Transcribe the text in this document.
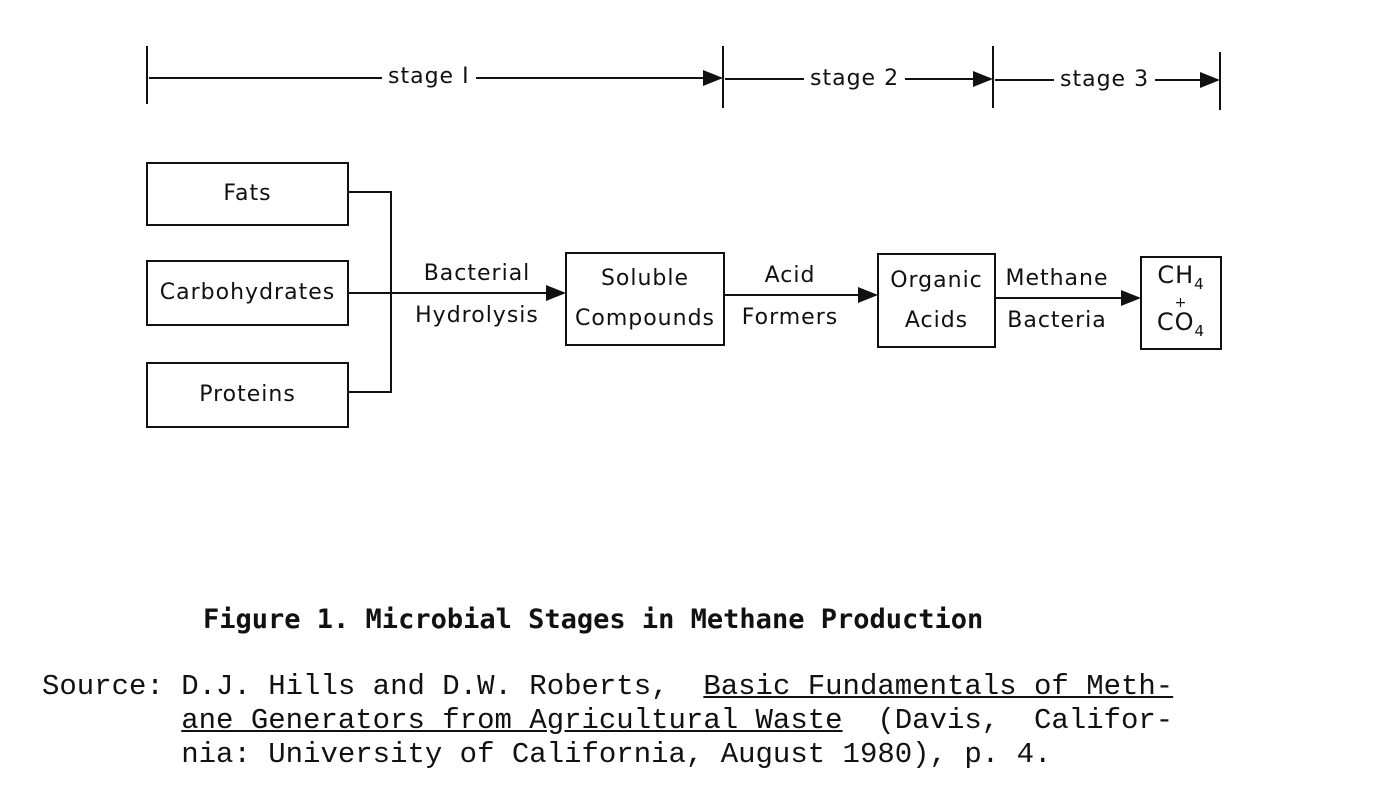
stage I	stage 2	stage 3
Fats
Carbohydrates
Proteins
Bacterial
Hydrolysis
Acid
Formers
Methane
Bacteria
Soluble
Compounds
Organic
Acids
$CH_4$
+
$CO_4$
Figure 1. Microbial Stages in Methane Production
Source: D.J. Hills and D.W. Roberts, Basic Fundamentals of Meth-
ane Generators from Agricultural Waste (Davis,  Califor-
nia: University of California, August 1980), p. 4.
